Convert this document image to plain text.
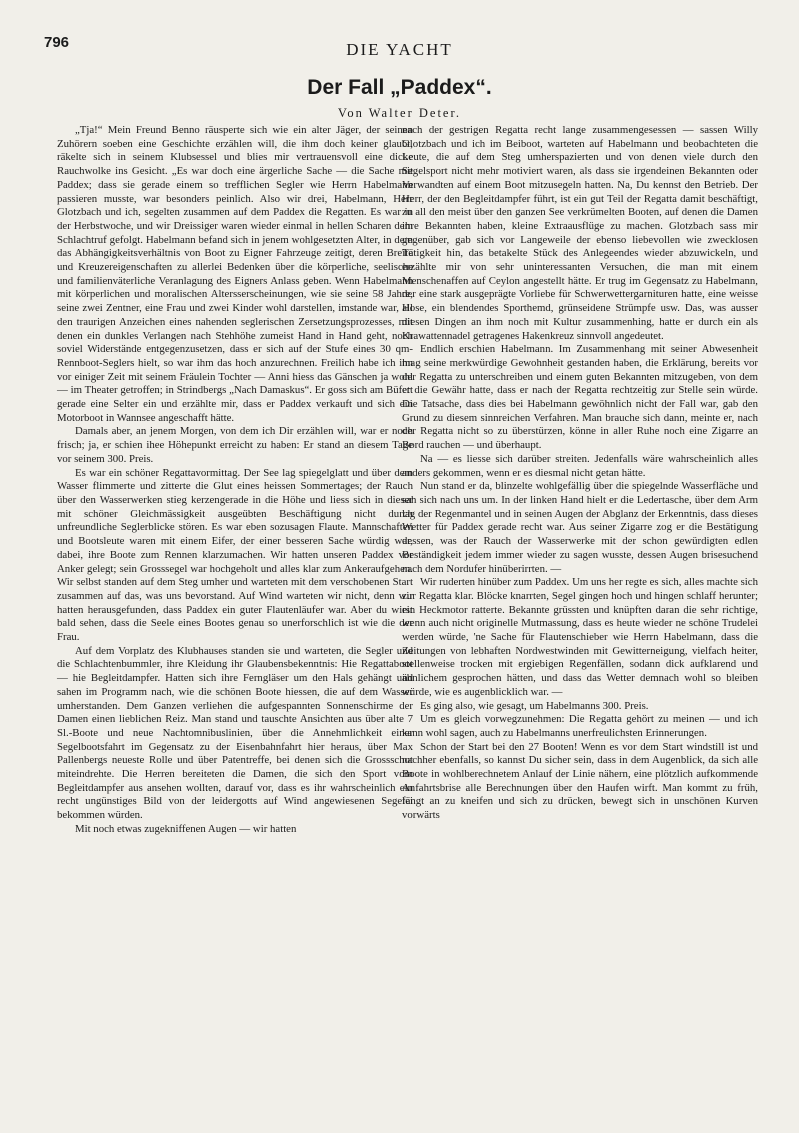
796	DIE YACHT
Der Fall „Paddex“.
Von Walter Deter.

„Tja!“ Mein Freund Benno räusperte sich wie ein alter Jäger, der seinen Zuhörern soeben eine Geschichte erzählen will, die ihm doch keiner glaubt, räkelte sich in seinem Klubsessel und blies mir vertrauensvoll eine dicke Rauchwolke ins Gesicht. „Es war doch eine ärgerliche Sache — die Sache mit Paddex; dass sie gerade einem so trefflichen Segler wie Herrn Habelmann passieren musste, war besonders peinlich. Also wir drei, Habelmann, Herr Glotzbach und ich, segelten zusammen auf dem Paddex die Regatten. Es war in der Herbstwoche, und wir Dreissiger waren wieder einmal in hellen Scharen dem Schlachtruf gefolgt. Habelmann befand sich in jenem wohlgesetzten Alter, in dem das Abhängigkeitsverhältnis von Boot zu Eigner Fahrzeuge zeitigt, deren Breite und Kreuzereigenschaften zu allerlei Bedenken über die körperliche, seelische und familienväterliche Veranlagung des Eigners Anlass geben. Wenn Habelmann mit körperlichen und moralischen Altersserscheinungen, wie sie seine 58 Jahre, seine zwei Zentner, eine Frau und zwei Kinder wohl darstellen, imstande war, all den traurigen Anzeichen eines nahenden seglerischen Zersetzungsprozesses, mit denen ein dunkles Verlangen nach Stehhöhe zumeist Hand in Hand geht, noch soviel Widerstände entgegenzusetzen, dass er sich auf der Stufe eines 30 qm-Rennboot-Seglers hielt, so war ihm das hoch anzurechnen. Freilich habe ich ihn vor einiger Zeit mit seinem Fräulein Tochter — Anni hiess das Gänschen ja wohl — im Theater getroffen; in Strindbergs „Nach Damaskus“. Er goss sich am Büfett gerade eine Selter ein und erzählte mir, dass er Paddex verkauft und sich ein Motorboot in Wannsee angeschafft hätte.

Damals aber, an jenem Morgen, von dem ich Dir erzählen will, war er noch frisch; ja, er schien ihee Höhepunkt erreicht zu haben: Er stand an diesem Tage vor seinem 300. Preis.

Es war ein schöner Regattavormittag. Der See lag spiegelglatt und über dem Wasser flimmerte und zitterte die Glut eines heissen Sommertages; der Rauch über den Wasserwerken stieg kerzengerade in die Höhe und liess sich in dieser mit schöner Gleichmässigkeit ausgeübten Beschäftigung nicht durch unfreundliche Seglerblicke stören. Es war eben sozusagen Flaute. Mannschaften und Bootsleute waren mit einem Eifer, der einer besseren Sache würdig war, dabei, ihre Boote zum Rennen klarzumachen. Wir hatten unseren Paddex vor Anker gelegt; sein Grosssegel war hochgeholt und alles klar zum Ankeraufgehen. Wir selbst standen auf dem Steg umher und warteten mit dem verschobenen Start zusammen auf das, was uns bevorstand. Auf Wind warteten wir nicht, denn wir hatten herausgefunden, dass Paddex ein guter Flautenläufer war. Aber du wirst bald sehen, dass die Seele eines Bootes genau so unerforschlich ist wie die der Frau.

Auf dem Vorplatz des Klubhauses standen sie und warteten, die Segler und die Schlachtenbummler, ihre Kleidung ihr Glaubensbekenntnis: Hie Regattaboot — hie Begleitdampfer. Hatten sich ihre Ferngläser um den Hals gehängt und sahen im Programm nach, wie die schönen Boote hiessen, die auf dem Wasser umherstanden. Dem Ganzen verliehen die aufgespannten Sonnenschirme der Damen einen lieblichen Reiz. Man stand und tauschte Ansichten aus über alte 7 Sl.-Boote und neue Nachtomnibuslinien, über die Annehmlichkeit einer Segelbootsfahrt im Gegensatz zu der Eisenbahnfahrt hier heraus, über Max Pallenbergs neueste Rolle und über Patentreffe, bei denen sich die Grossschot miteindrehte. Die Herren bereiteten die Damen, die sich den Sport vom Begleitdampfer aus ansehen wollten, darauf vor, dass es ihr wahrscheinlich ein recht ungünstiges Bild von der leidergotts auf Wind angewiesenen Segelei bekommen würden.

Mit noch etwas zugekniffenen Augen — wir hatten

nach der gestrigen Regatta recht lange zusammengesessen — sassen Willy Glotzbach und ich im Beiboot, warteten auf Habelmann und beobachteten die Leute, die auf dem Steg umherspazierten und von denen viele durch den Segelsport nicht mehr motiviert waren, als dass sie irgendeinen Bekannten oder Verwandten auf einem Boot mitzusegeln hatten. Na, Du kennst den Betrieb. Der Herr, der den Begleitdampfer führt, ist ein gut Teil der Regatta damit beschäftigt, zu all den meist über den ganzen See verkrümelten Booten, auf denen die Damen ihre Bekannten haben, kleine Extraausflüge zu machen. Glotzbach sass mir gegenüber, gab sich vor Langeweile der ebenso liebevollen wie zwecklosen Tätigkeit hin, das betakelte Stück des Anlegeendes wieder abzuwickeln, und erzählte mir von sehr uninteressanten Versuchen, die man mit einem Menschenaffen auf Ceylon angestellt hätte. Er trug im Gegensatz zu Habelmann, der eine stark ausgeprägte Vorliebe für Schwerwettergarnituren hatte, eine weisse Hose, ein blendendes Sporthemd, grünseidene Strümpfe usw. Das, was ausser diesen Dingen an ihm noch mit Kultur zusammenhing, hatte er durch ein als Krawattennadel getragenes Hakenkreuz sinnvoll angedeutet.

Endlich erschien Habelmann. Im Zusammenhang mit seiner Abwesenheit mag seine merkwürdige Gewohnheit gestanden haben, die Erklärung, bereits vor der Regatta zu unterschreiben und einem guten Bekannten mitzugeben, von dem er die Gewähr hatte, dass er nach der Regatta rechtzeitig zur Stelle sein würde. Die Tatsache, dass dies bei Habelmann gewöhnlich nicht der Fall war, gab den Grund zu diesem sinnreichen Verfahren. Man brauche sich dann, meinte er, nach der Regatta nicht so zu überstürzen, könne in aller Ruhe noch eine Zigarre an Bord rauchen — und überhaupt.

Na — es liesse sich darüber streiten. Jedenfalls wäre wahrscheinlich alles anders gekommen, wenn er es diesmal nicht getan hätte.

Nun stand er da, blinzelte wohlgefällig über die spiegelnde Wasserfläche und sah sich nach uns um. In der linken Hand hielt er die Ledertasche, über dem Arm lag der Regenmantel und in seinen Augen der Abglanz der Erkenntnis, dass dieses Wetter für Paddex gerade recht war. Aus seiner Zigarre zog er die Bestätigung dessen, was der Rauch der Wasserwerke mit der schon gewürdigten edlen Beständigkeit jedem immer wieder zu sagen wusste, dessen Augen brisesuchend nach dem Nordufer hinüberirrten. —

Wir ruderten hinüber zum Paddex. Um uns her regte es sich, alles machte sich zur Regatta klar. Blöcke knarrten, Segel gingen hoch und hingen schlaff herunter; ein Heckmotor ratterte. Bekannte grüssten und knüpften daran die sehr richtige, wenn auch nicht originelle Mutmassung, dass es heute wieder ne schöne Trudelei werden würde, 'ne Sache für Flautenschieber wie Herrn Habelmann, dass die Zeitungen von lebhaften Nordwestwinden mit Gewitterneigung, vielfach heiter, stellenweise trocken mit ergiebigen Regenfällen, sodann dick aufklarend und ähnlichem gesprochen hätten, und dass das Wetter demnach wohl so bleiben würde, wie es augenblicklich war. —

Es ging also, wie gesagt, um Habelmanns 300. Preis.

Um es gleich vorwegzunehmen: Die Regatta gehört zu meinen — und ich kann wohl sagen, auch zu Habelmanns unerfreulichsten Erinnerungen.

Schon der Start bei den 27 Booten! Wenn es vor dem Start windstill ist und nachher ebenfalls, so kannst Du sicher sein, dass in dem Augenblick, da sich alle Boote in wohlberechnetem Anlauf der Linie nähern, eine plötzlich aufkommende Anfahrtsbrise alle Berechnungen über den Haufen wirft. Man kommt zu früh, fängt an zu kneifen und sich zu drücken, bewegt sich in unschönen Kurven vorwärts
